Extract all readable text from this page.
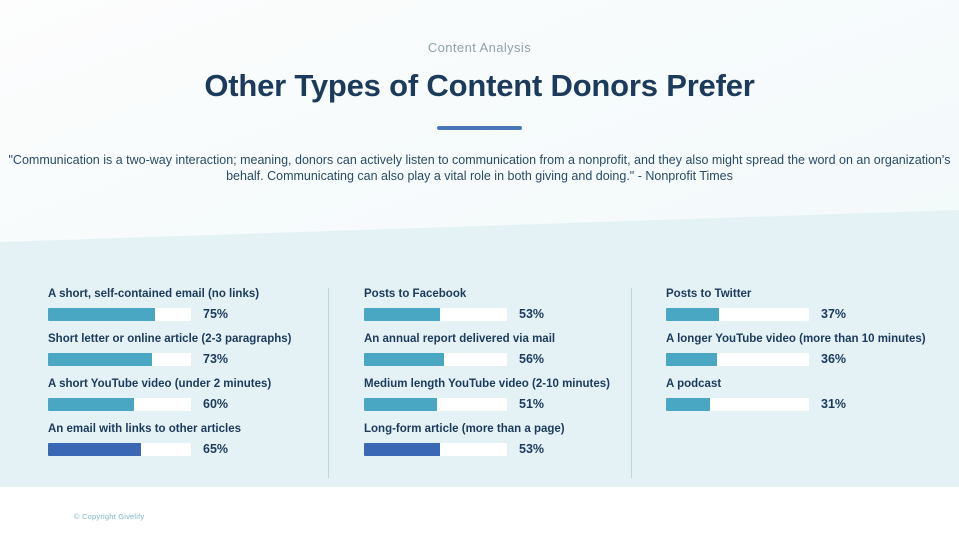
Content Analysis
Other Types of Content Donors Prefer
"Communication is a two-way interaction; meaning, donors can actively listen to communication from a nonprofit, and they also might spread the word on an organization's behalf. Communicating can also play a vital role in both giving and doing." - Nonprofit Times
A short, self-contained email (no links)
75%
Short letter or online article (2-3 paragraphs)
73%
A short YouTube video (under 2 minutes)
60%
An email with links to other articles
65%
Posts to Facebook
53%
An annual report delivered via mail
56%
Medium length YouTube video (2-10 minutes)
51%
Long-form article (more than a page)
53%
Posts to Twitter
37%
A longer YouTube video (more than 10 minutes)
36%
A podcast
31%
© Copyright Givelify
